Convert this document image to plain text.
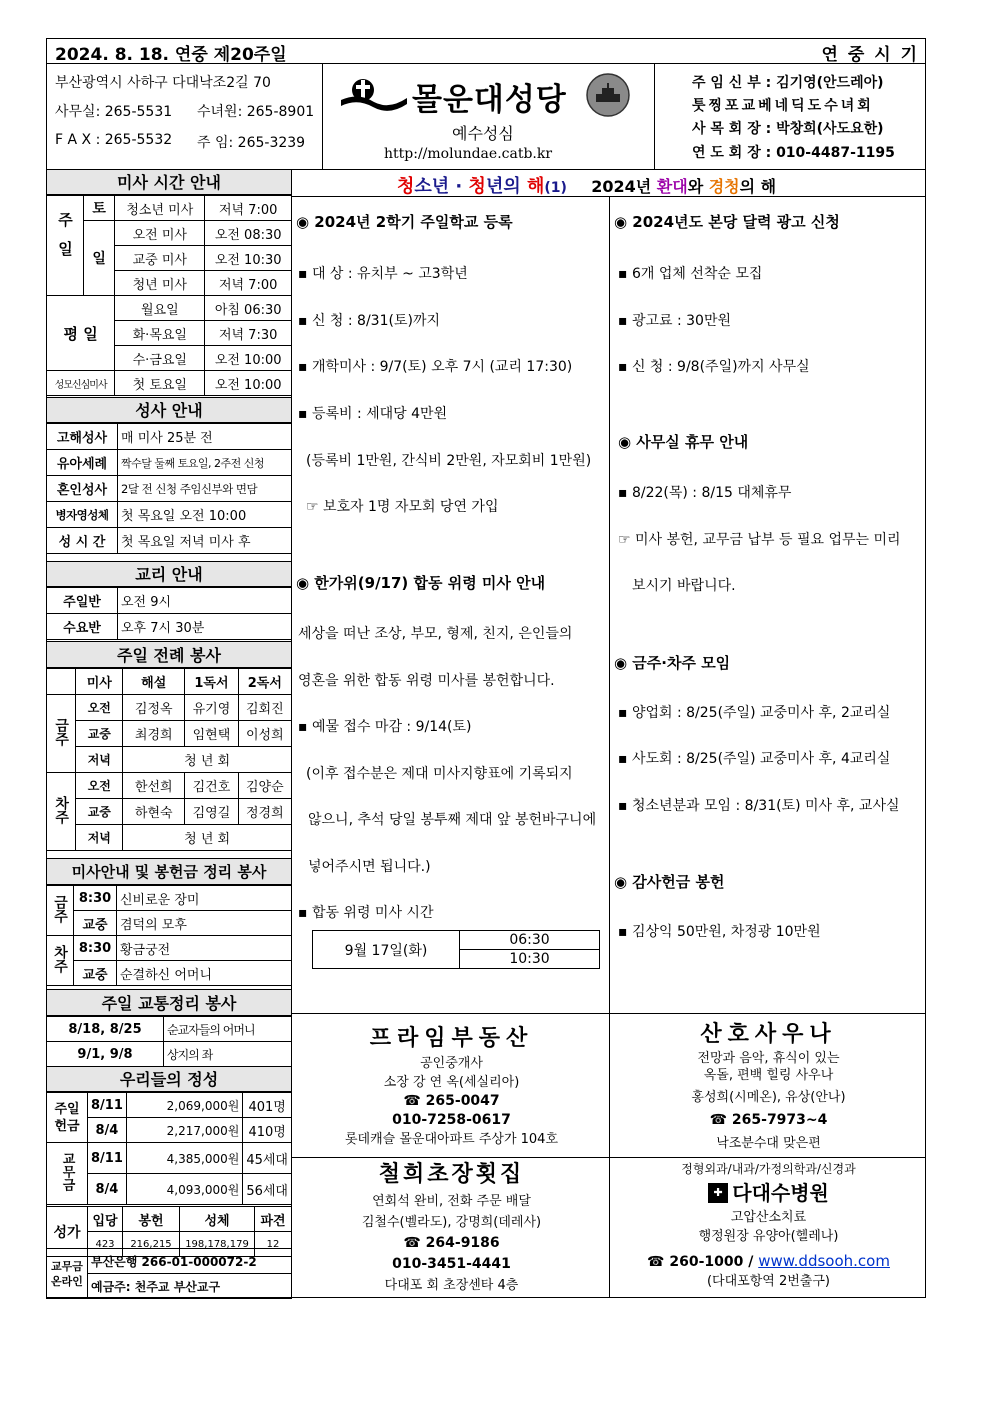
2024. 8. 18. 연중 제20주일	연 중 시 기
부산광역시 사하구 다대낙조2길 70
사무실: 265-5531 수녀원: 265-8901
F A X : 265-5532 주 임: 265-3239
몰운대성당
예수성심
http://molundae.catb.kr
주 임 신 부 : 김기영(안드레아)
툿찡포교베네딕도수녀회
사 목 회 장 : 박창희(사도요한)
연 도 회 장 : 010-4487-1195
미사 시간 안내
주일	토	청소년 미사	저녁 7:00
	일	오전 미사	오전 08:30
		교중 미사	오전 10:30
		청년 미사	저녁 7:00
평 일		월요일	아침 06:30
		화·목요일	저녁 7:30
		수·금요일	오전 10:00
성모신심미사		첫 토요일	오전 10:00
성사 안내
고해성사	매 미사 25분 전
유아세례	짝수달 둘째 토요일, 2주전 신청
혼인성사	2달 전 신청 주임신부와 면담
병자영성체	첫 목요일 오전 10:00
성 시 간	첫 목요일 저녁 미사 후
교리 안내
주일반	오전 9시
수요반	오후 7시 30분
주일 전례 봉사
	미사	해설	1독서	2독서
금주	오전	김정옥	유기영	김회진
	교중	최경희	임현택	이성희
	저녁	청 년 회		
차주	오전	한선희	김건호	김양순
	교중	하현숙	김영길	정경희
	저녁	청 년 회		
미사안내 및 봉헌금 정리 봉사
금주	8:30	신비로운 장미
	교중	겸덕의 모후
차주	8:30	황금궁전
	교중	순결하신 어머니
주일 교통정리 봉사
8/18, 8/25	순교자들의 어머니
9/1, 9/8	상지의 좌
우리들의 정성
주일헌금	8/11	2,069,000원	401명
	8/4	2,217,000원	410명
교무금	8/11	4,385,000원	45세대
	8/4	4,093,000원	56세대
성가	입당	봉헌	성체	파견
	423	216,215	198,178,179	12
교무금 온라인	부산은행 266-01-000072-2
예금주: 천주교 부산교구
청소년 · 청년의 해(1) 2024년 환대와 경청의 해
◉ 2024년 2학기 주일학교 등록
▪ 대 상 : 유치부 ~ 고3학년
▪ 신 청 : 8/31(토)까지
▪ 개학미사 : 9/7(토) 오후 7시 (교리 17:30)
▪ 등록비 : 세대당 4만원
(등록비 1만원, 간식비 2만원, 자모회비 1만원)
☞ 보호자 1명 자모회 당연 가입
◉ 한가위(9/17) 합동 위령 미사 안내
세상을 떠난 조상, 부모, 형제, 친지, 은인들의
영혼을 위한 합동 위령 미사를 봉헌합니다.
▪ 예물 접수 마감 : 9/14(토)
(이후 접수분은 제대 미사지향표에 기록되지
않으니, 추석 당일 봉투째 제대 앞 봉헌바구니에
넣어주시면 됩니다.)
▪ 합동 위령 미사 시간
9월 17일(화)	06:30
10:30
◉ 2024년도 본당 달력 광고 신청
▪ 6개 업체 선착순 모집
▪ 광고료 : 30만원
▪ 신 청 : 9/8(주일)까지 사무실
◉ 사무실 휴무 안내
▪ 8/22(목) : 8/15 대체휴무
☞ 미사 봉헌, 교무금 납부 등 필요 업무는 미리
보시기 바랍니다.
◉ 금주·차주 모임
▪ 양업회 : 8/25(주일) 교중미사 후, 2교리실
▪ 사도회 : 8/25(주일) 교중미사 후, 4교리실
▪ 청소년분과 모임 : 8/31(토) 미사 후, 교사실
◉ 감사헌금 봉헌
▪ 김상익 50만원, 차정광 10만원
프라임부동산
공인중개사
소장 강 연 옥(세실리아)
☎ 265-0047
010-7258-0617
롯데캐슬 몰운대아파트 주상가 104호
산호사우나
전망과 음악, 휴식이 있는
옥돌, 편백 힐링 사우나
홍성희(시메온), 유상(안나)
☎ 265-7973~4
낙조분수대 맞은편
철희초장횟집
연회석 완비, 전화 주문 배달
김철수(벨라도), 강명희(데레사)
☎ 264-9186
010-3451-4441
다대포 회 초장센타 4층
정형외과/내과/가정의학과/신경과
✚ 다대수병원
고압산소치료
행정원장 유양아(헬레나)
☎ 260-1000 / www.ddsooh.com
(다대포항역 2번출구)
